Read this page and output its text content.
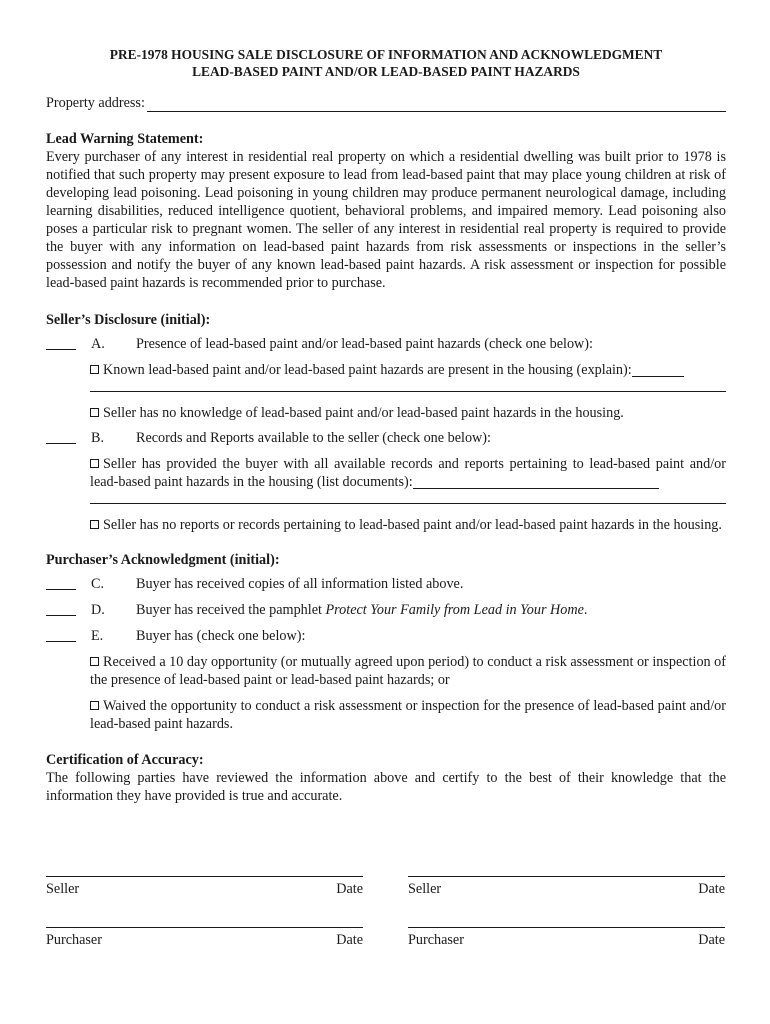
PRE-1978 HOUSING SALE DISCLOSURE OF INFORMATION AND ACKNOWLEDGMENT
LEAD-BASED PAINT AND/OR LEAD-BASED PAINT HAZARDS
Property address:
Lead Warning Statement:
Every purchaser of any interest in residential real property on which a residential dwelling was built prior to 1978 is notified that such property may present exposure to lead from lead-based paint that may place young children at risk of developing lead poisoning. Lead poisoning in young children may produce permanent neurological damage, including learning disabilities, reduced intelligence quotient, behavioral problems, and impaired memory. Lead poisoning also poses a particular risk to pregnant women. The seller of any interest in residential real property is required to provide the buyer with any information on lead-based paint hazards from risk assessments or inspections in the seller’s possession and notify the buyer of any known lead-based paint hazards. A risk assessment or inspection for possible lead-based paint hazards is recommended prior to purchase.
Seller’s Disclosure (initial):
A.	Presence of lead-based paint and/or lead-based paint hazards (check one below):
Known lead-based paint and/or lead-based paint hazards are present in the housing (explain):
Seller has no knowledge of lead-based paint and/or lead-based paint hazards in the housing.
B.	Records and Reports available to the seller (check one below):
Seller has provided the buyer with all available records and reports pertaining to lead-based paint and/or lead-based paint hazards in the housing (list documents):
Seller has no reports or records pertaining to lead-based paint and/or lead-based paint hazards in the housing.
Purchaser’s Acknowledgment (initial):
C.	Buyer has received copies of all information listed above.
D.	Buyer has received the pamphlet Protect Your Family from Lead in Your Home.
E.	Buyer has (check one below):
Received a 10 day opportunity (or mutually agreed upon period) to conduct a risk assessment or inspection of the presence of lead-based paint or lead-based paint hazards; or
Waived the opportunity to conduct a risk assessment or inspection for the presence of lead-based paint and/or lead-based paint hazards.
Certification of Accuracy:
The following parties have reviewed the information above and certify to the best of their knowledge that the information they have provided is true and accurate.
Seller	Date	Seller	Date
Purchaser	Date	Purchaser	Date
